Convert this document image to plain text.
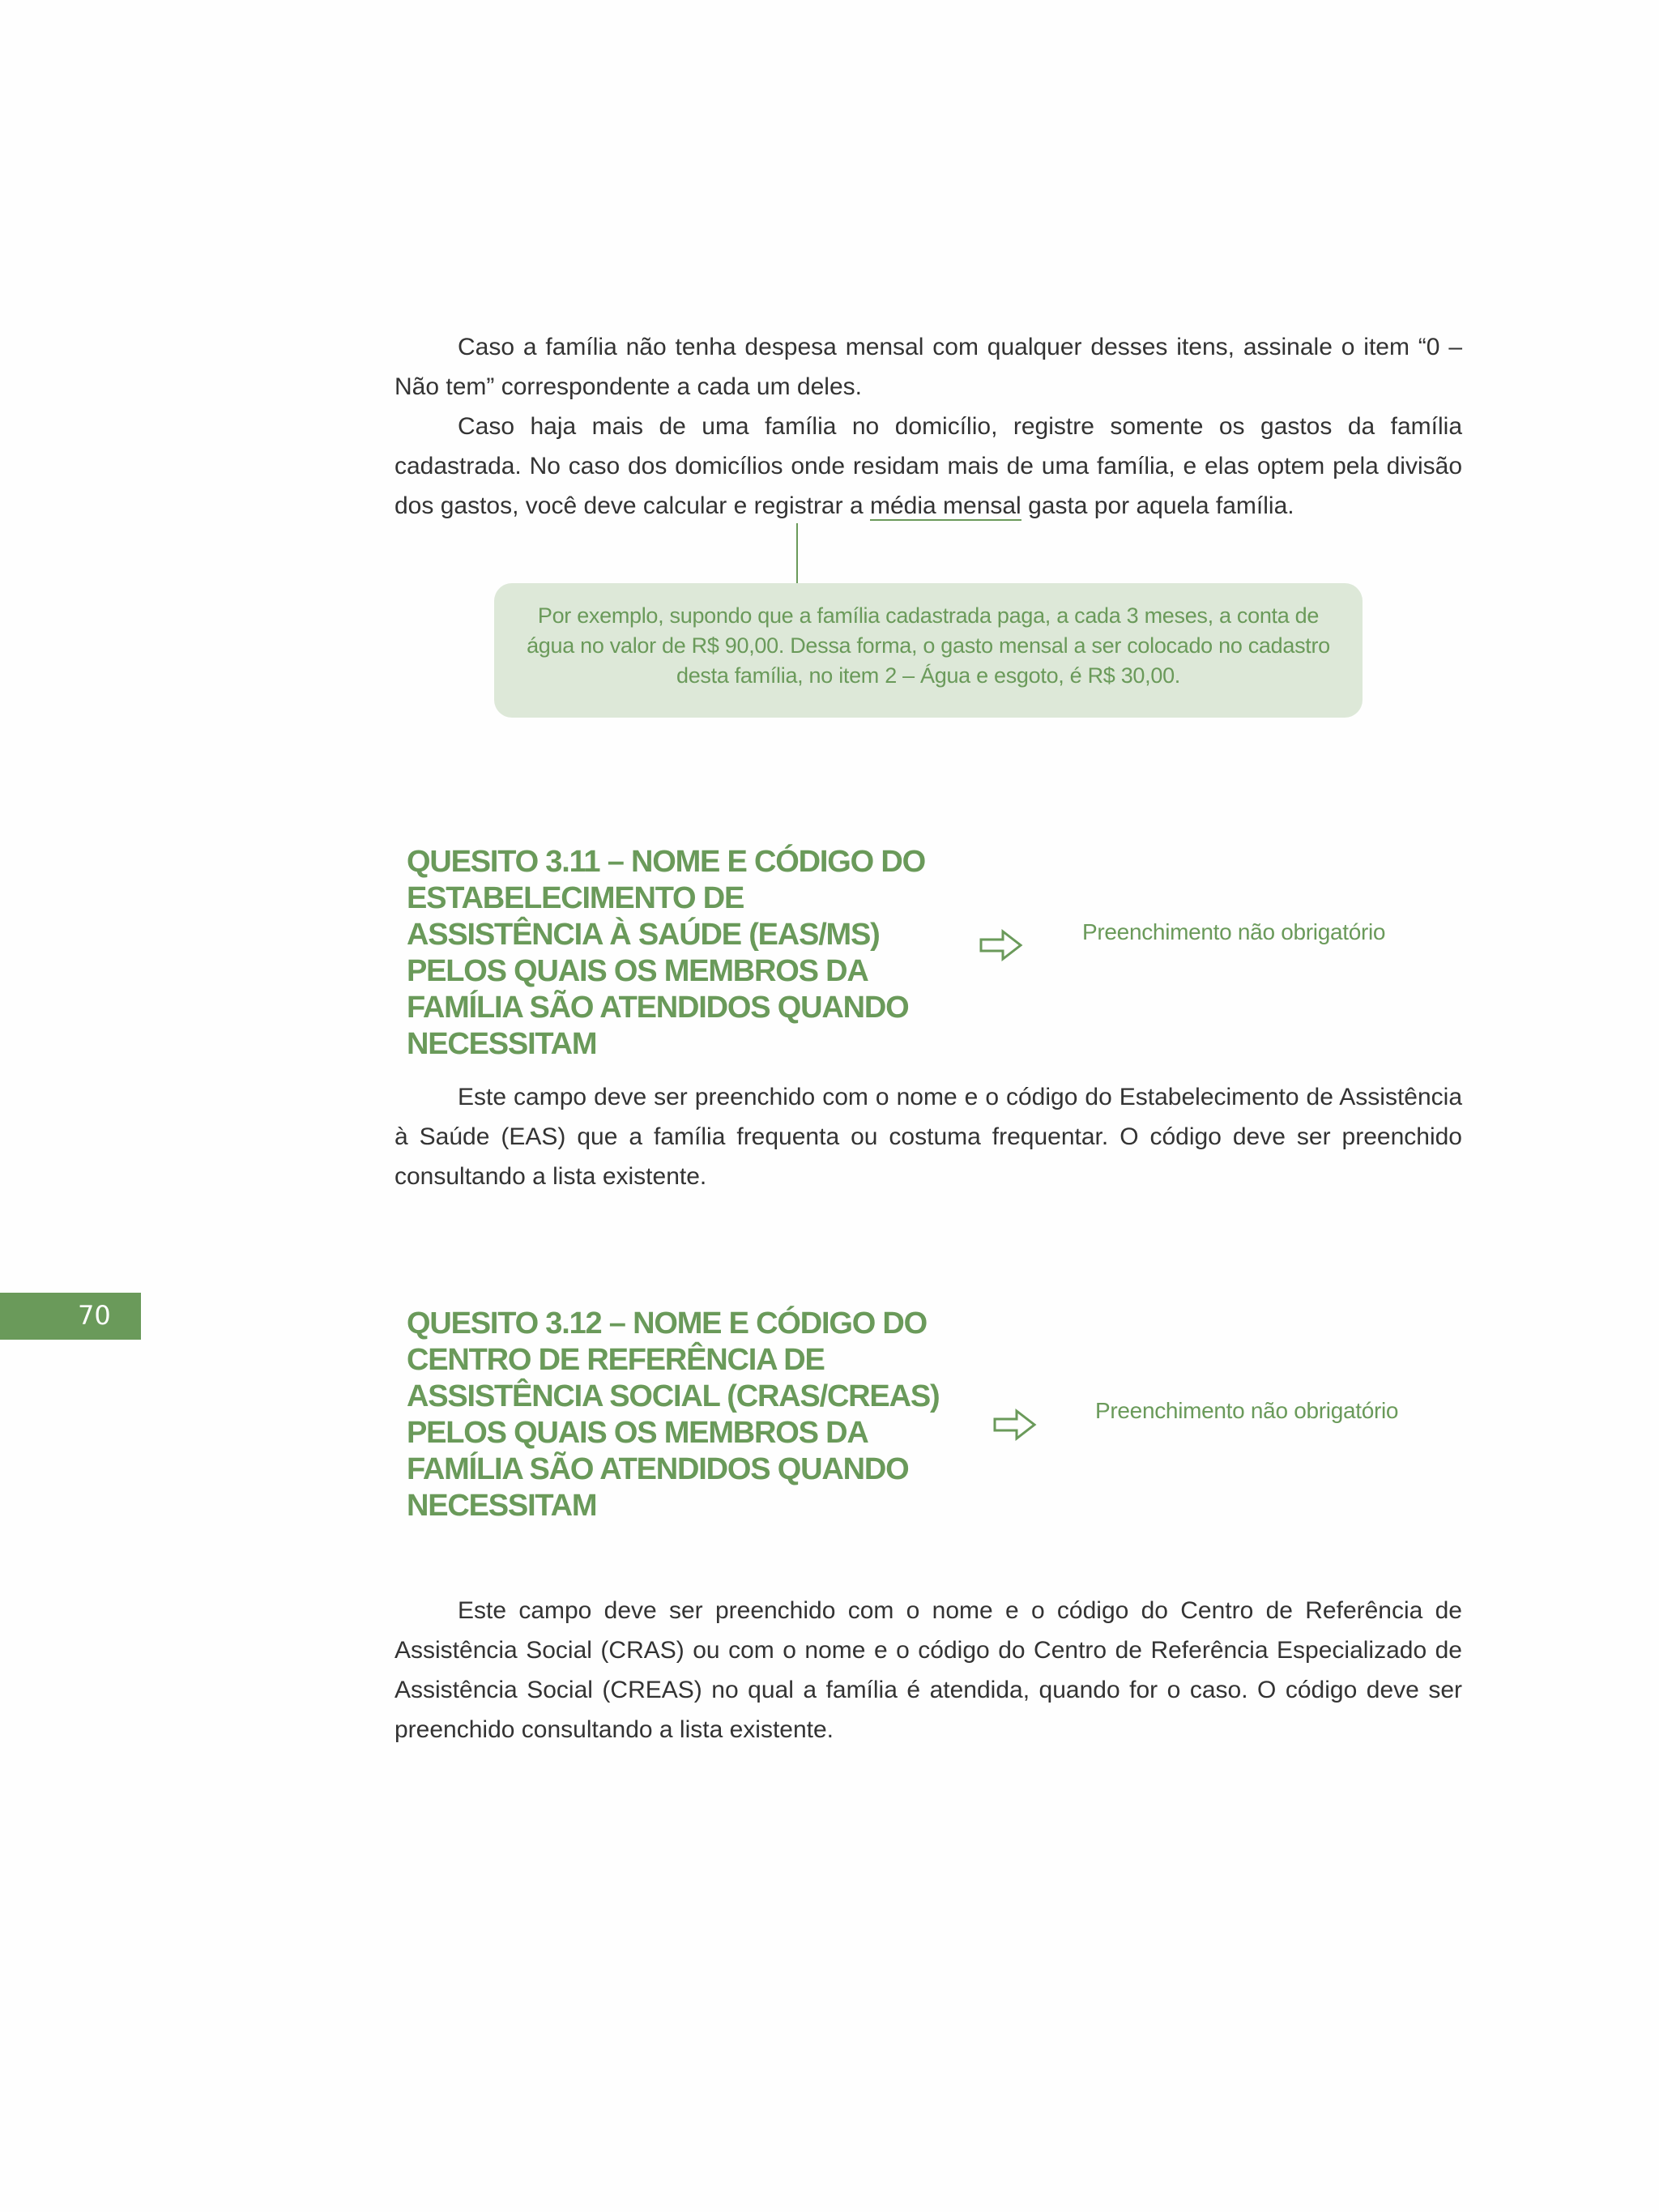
Caso a família não tenha despesa mensal com qualquer desses itens, assinale o item “0 – Não tem” correspondente a cada um deles.

Caso haja mais de uma família no domicílio, registre somente os gastos da família cadastrada. No caso dos domicílios onde residam mais de uma família, e elas optem pela divisão dos gastos, você deve calcular e registrar a média mensal gasta por aquela família.

Por exemplo, supondo que a família cadastrada paga, a cada 3 meses, a conta de água no valor de R$ 90,00. Dessa forma, o gasto mensal a ser colocado no cadastro desta família, no item 2 – Água e esgoto, é R$ 30,00.
QUESITO 3.11 – NOME E CÓDIGO DO ESTABELECIMENTO DE ASSISTÊNCIA À SAÚDE (EAS/MS) PELOS QUAIS OS MEMBROS DA FAMÍLIA SÃO ATENDIDOS QUANDO NECESSITAM
Preenchimento não obrigatório

Este campo deve ser preenchido com o nome e o código do Estabelecimento de Assistência à Saúde (EAS) que a família frequenta ou costuma frequentar. O código deve ser preenchido consultando a lista existente.

70	QUESITO 3.12 – NOME E CÓDIGO DO CENTRO DE REFERÊNCIA DE ASSISTÊNCIA SOCIAL (CRAS/CREAS) PELOS QUAIS OS MEMBROS DA FAMÍLIA SÃO ATENDIDOS QUANDO NECESSITAM
Preenchimento não obrigatório

Este campo deve ser preenchido com o nome e o código do Centro de Referência de Assistência Social (CRAS) ou com o nome e o código do Centro de Referência Especializado de Assistência Social (CREAS) no qual a família é atendida, quando for o caso. O código deve ser preenchido consultando a lista existente.
